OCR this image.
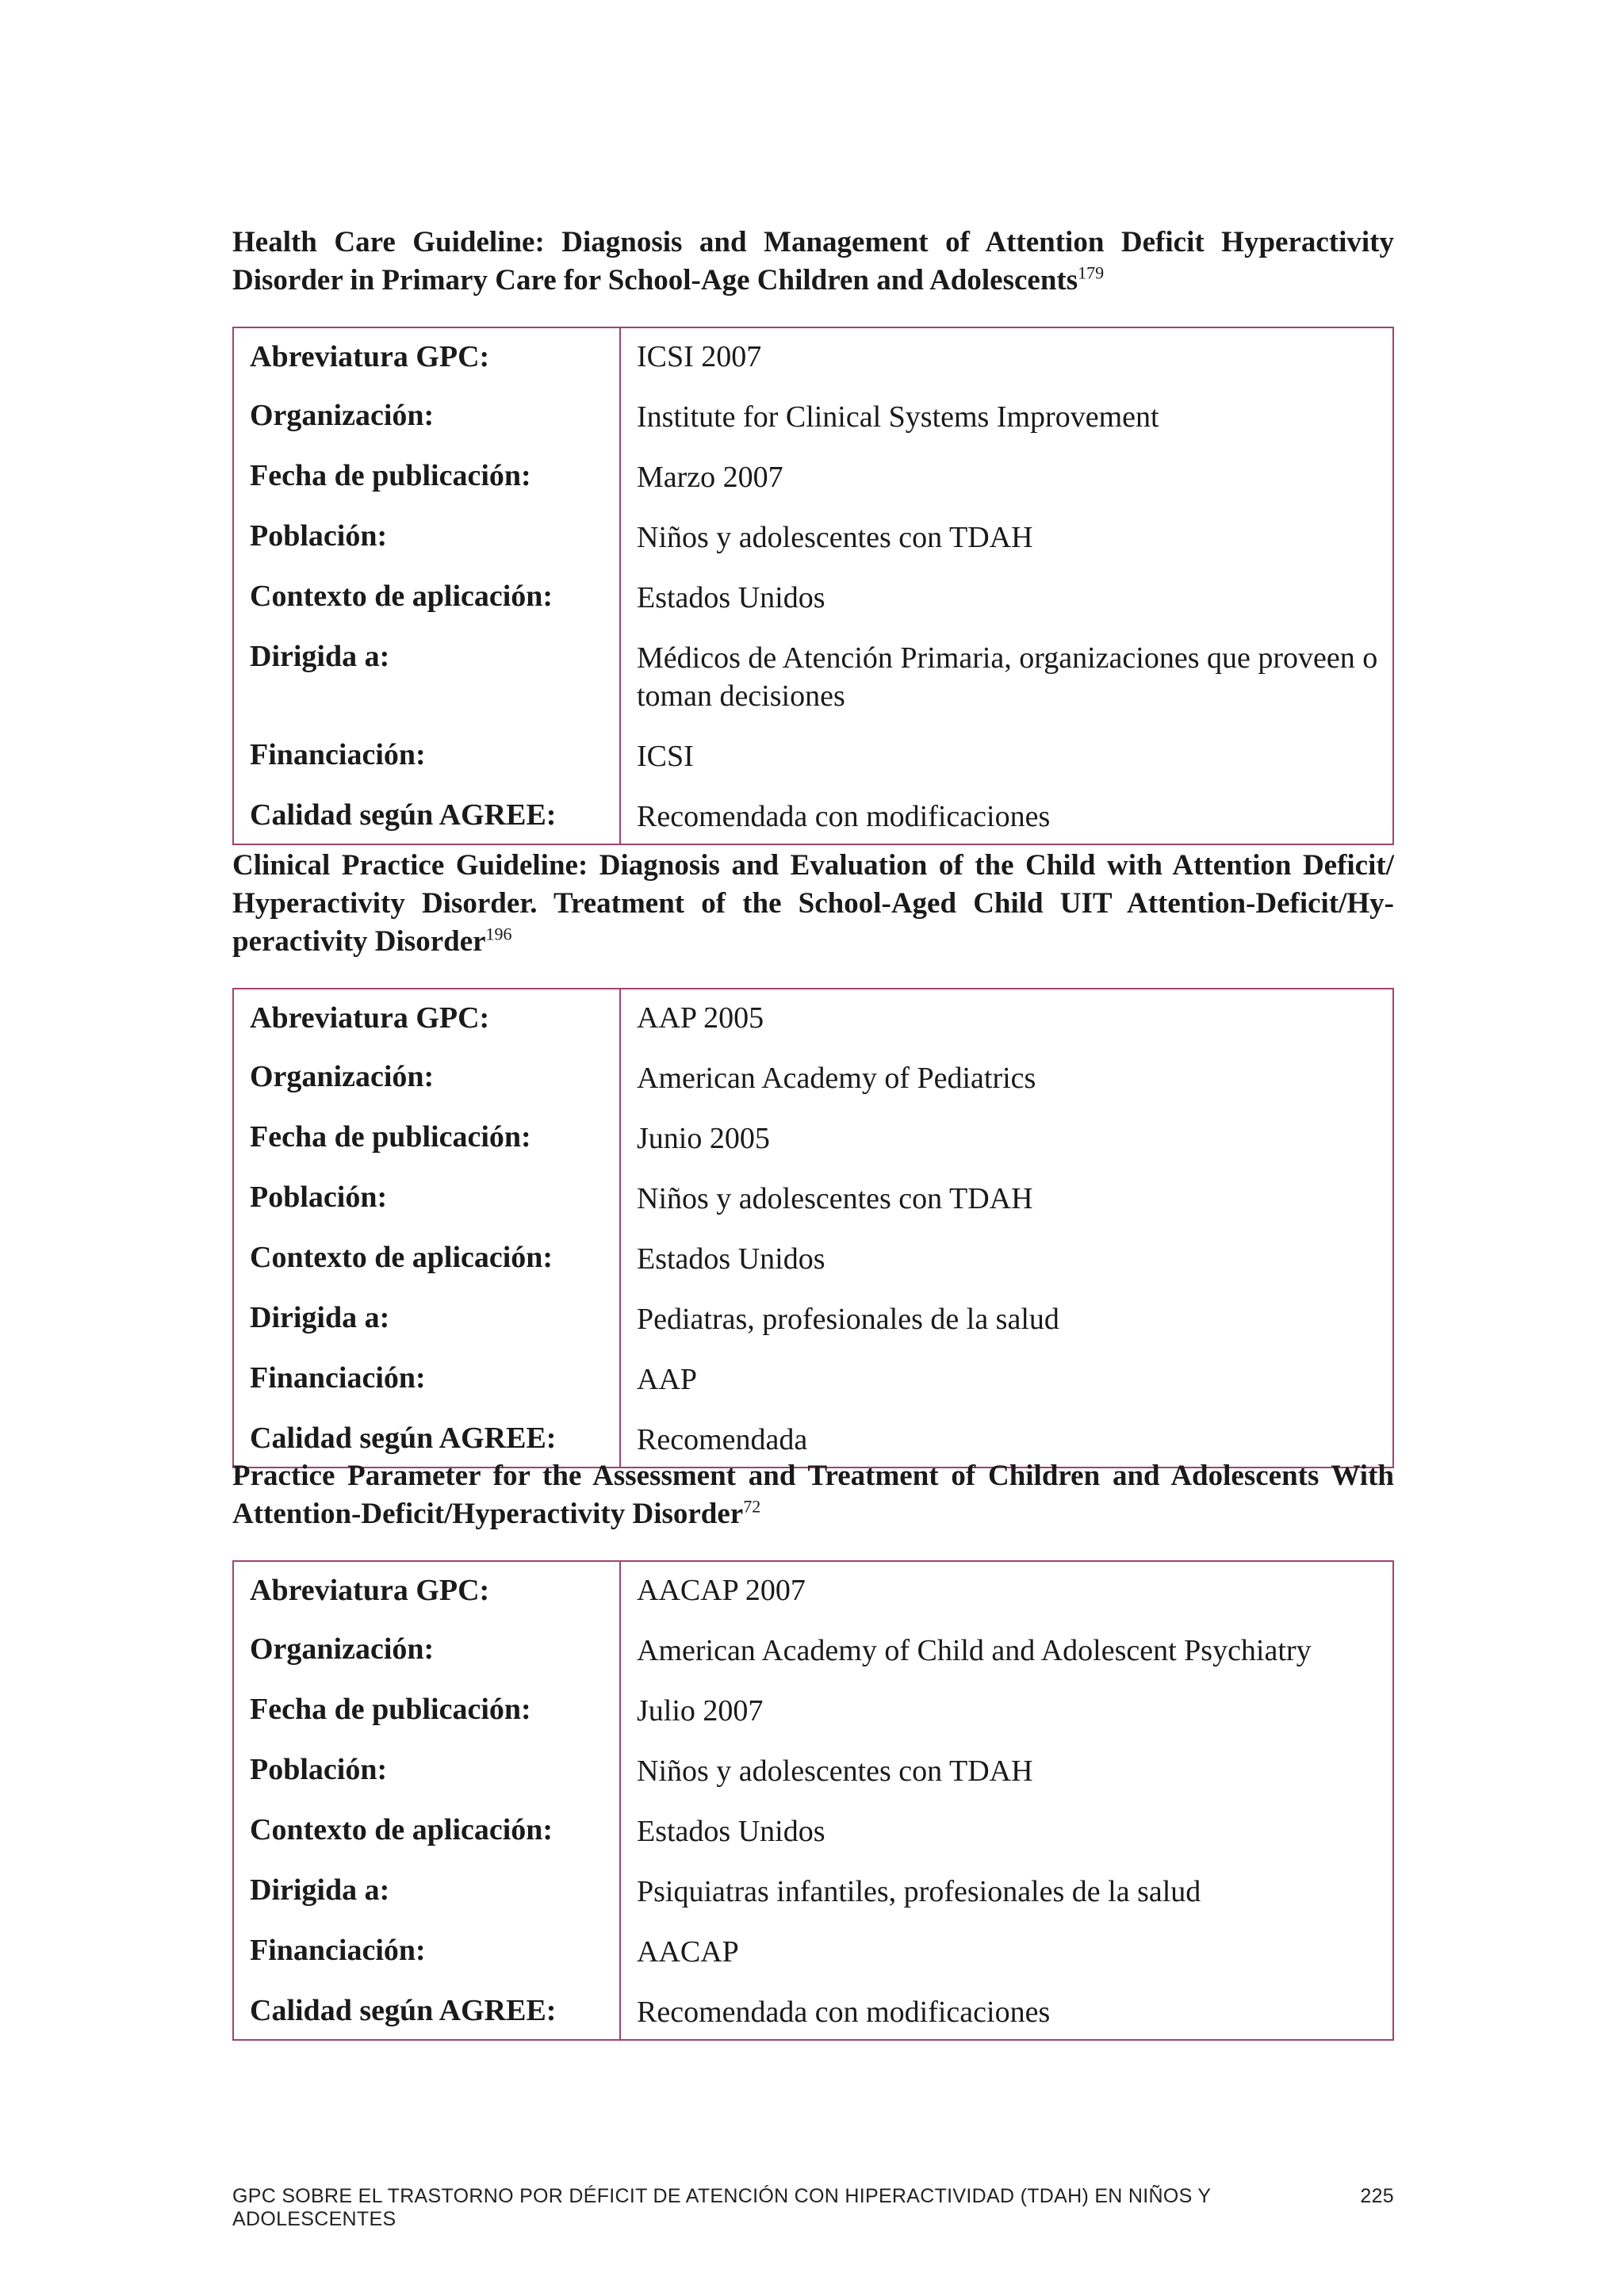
Health Care Guideline: Diagnosis and Management of Attention Deficit Hyperactivity Disorder in Primary Care for School-Age Children and Adolescents$^{179}$

Abreviatura GPC:	ICSI 2007
Organización:	Institute for Clinical Systems Improvement
Fecha de publicación:	Marzo 2007
Población:	Niños y adolescentes con TDAH
Contexto de aplicación:	Estados Unidos
Dirigida a:	Médicos de Atención Primaria, organizaciones que proveen o toman decisiones
Financiación:	ICSI
Calidad según AGREE:	Recomendada con modificaciones

Clinical Practice Guideline: Diagnosis and Evaluation of the Child with Attention Deficit/ Hyperactivity Disorder. Treatment of the School-Aged Child UIT Attention-Deficit/Hy-peractivity Disorder$^{196}$

Abreviatura GPC:	AAP 2005
Organización:	American Academy of Pediatrics
Fecha de publicación:	Junio 2005
Población:	Niños y adolescentes con TDAH
Contexto de aplicación:	Estados Unidos
Dirigida a:	Pediatras, profesionales de la salud
Financiación:	AAP
Calidad según AGREE:	Recomendada

Practice Parameter for the Assessment and Treatment of Children and Adolescents With Attention-Deficit/Hyperactivity Disorder$^{72}$

Abreviatura GPC:	AACAP 2007
Organización:	American Academy of Child and Adolescent Psychiatry
Fecha de publicación:	Julio 2007
Población:	Niños y adolescentes con TDAH
Contexto de aplicación:	Estados Unidos
Dirigida a:	Psiquiatras infantiles, profesionales de la salud
Financiación:	AACAP
Calidad según AGREE:	Recomendada con modificaciones
GPC SOBRE EL TRASTORNO POR DÉFICIT DE ATENCIÓN CON HIPERACTIVIDAD (TDAH) EN NIÑOS Y ADOLESCENTES
225
